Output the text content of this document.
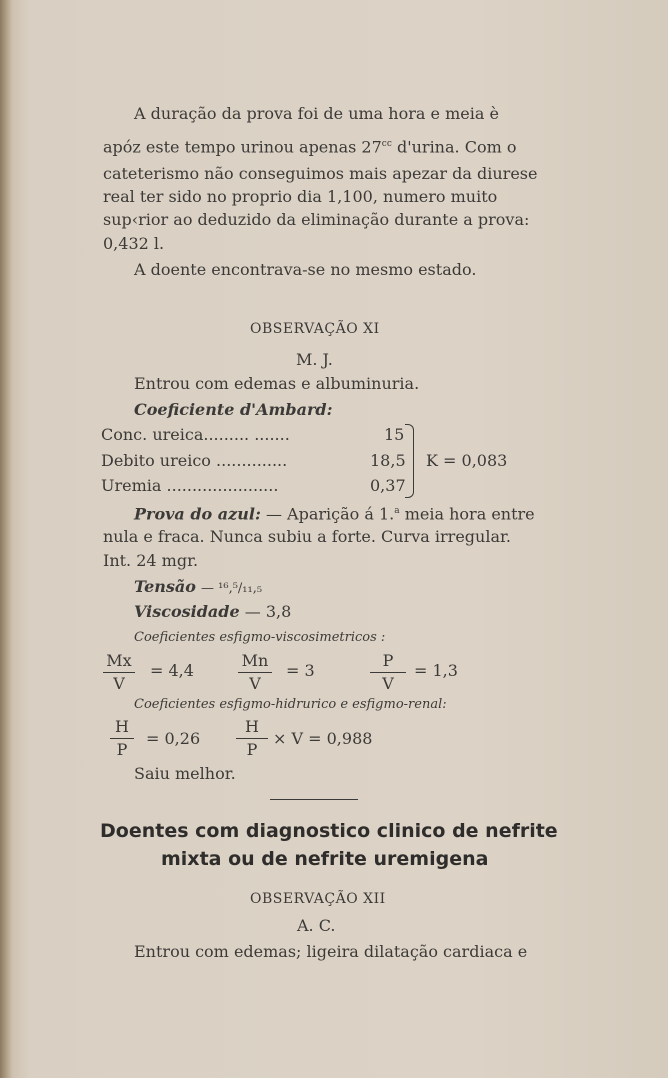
A duração da prova foi de uma hora e meia è
apóz este tempo urinou apenas $27^{cc}$ d'urina. Com o
cateterismo não conseguimos mais apezar da diurese
real ter sido no proprio dia 1,100, numero muito
sup‹rior ao deduzido da eliminação durante a prova:
0,432 l.
A doente encontrava-se no mesmo estado.
OBSERVAÇÃO XI
M. J.
Entrou com edemas e albuminuria.
Coeficiente d'Ambard:
Conc. ureica......... .......	15
Debito ureico ..............	18,5
Uremia ......................	0,37
K = 0,083
Prova do azul: — Aparição á 1.$^a$ meia hora entre
nula e fraca. Nunca subiu a forte. Curva irregular.
Int. 24 mgr.
Tensão — ¹⁶,⁵/₁₁,₅
Viscosidade — 3,8
Coeficientes esfigmo-viscosimetricos :
Mx
V
= 4,4
Mn
V
= 3
P
V
= 1,3
Coeficientes esfigmo-hidrurico e esfigmo-renal:
H
P
= 0,26
H
P
× V = 0,988
Saiu melhor.
Doentes com diagnostico clinico de nefrite
mixta ou de nefrite uremigena
OBSERVAÇÃO XII
A. C.
Entrou com edemas; ligeira dilatação cardiaca e
